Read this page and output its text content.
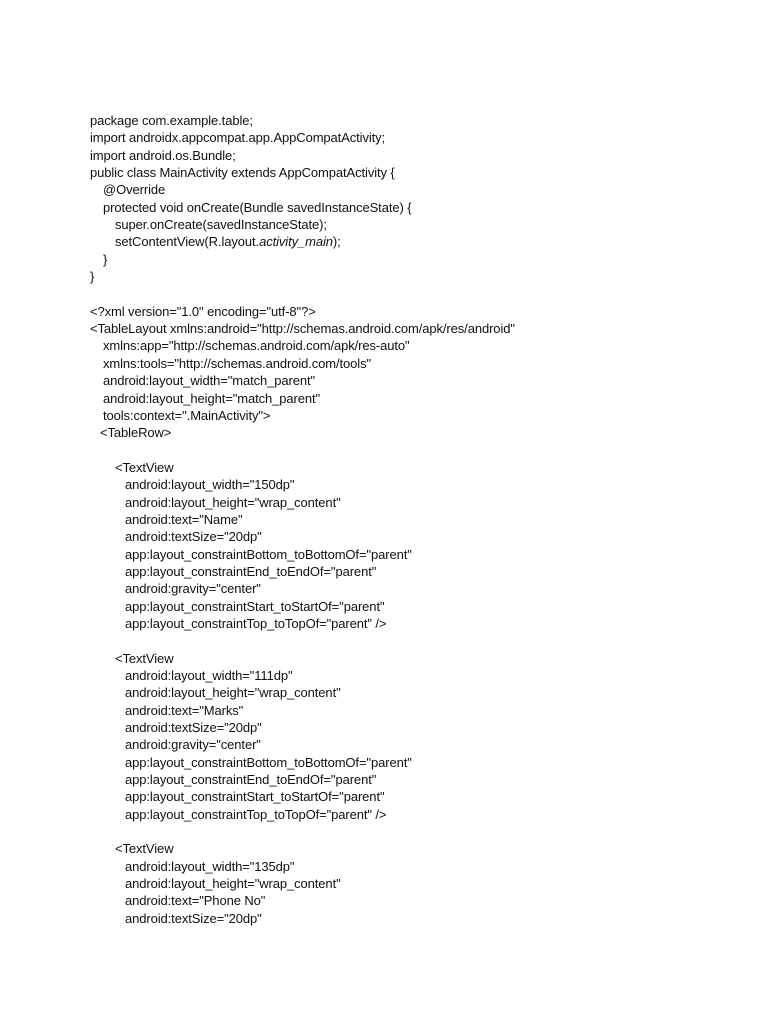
package com.example.table;
import androidx.appcompat.app.AppCompatActivity;
import android.os.Bundle;
public class MainActivity extends AppCompatActivity {
@Override
protected void onCreate(Bundle savedInstanceState) {
super.onCreate(savedInstanceState);
setContentView(R.layout.activity_main);
}
}
<?xml version="1.0" encoding="utf-8"?>
<TableLayout xmlns:android="http://schemas.android.com/apk/res/android"
xmlns:app="http://schemas.android.com/apk/res-auto"
xmlns:tools="http://schemas.android.com/tools"
android:layout_width="match_parent"
android:layout_height="match_parent"
tools:context=".MainActivity">
<TableRow>
<TextView
android:layout_width="150dp"
android:layout_height="wrap_content"
android:text="Name"
android:textSize="20dp"
app:layout_constraintBottom_toBottomOf="parent"
app:layout_constraintEnd_toEndOf="parent"
android:gravity="center"
app:layout_constraintStart_toStartOf="parent"
app:layout_constraintTop_toTopOf="parent" />
<TextView
android:layout_width="111dp"
android:layout_height="wrap_content"
android:text="Marks"
android:textSize="20dp"
android:gravity="center"
app:layout_constraintBottom_toBottomOf="parent"
app:layout_constraintEnd_toEndOf="parent"
app:layout_constraintStart_toStartOf="parent"
app:layout_constraintTop_toTopOf="parent" />
<TextView
android:layout_width="135dp"
android:layout_height="wrap_content"
android:text="Phone No"
android:textSize="20dp"
